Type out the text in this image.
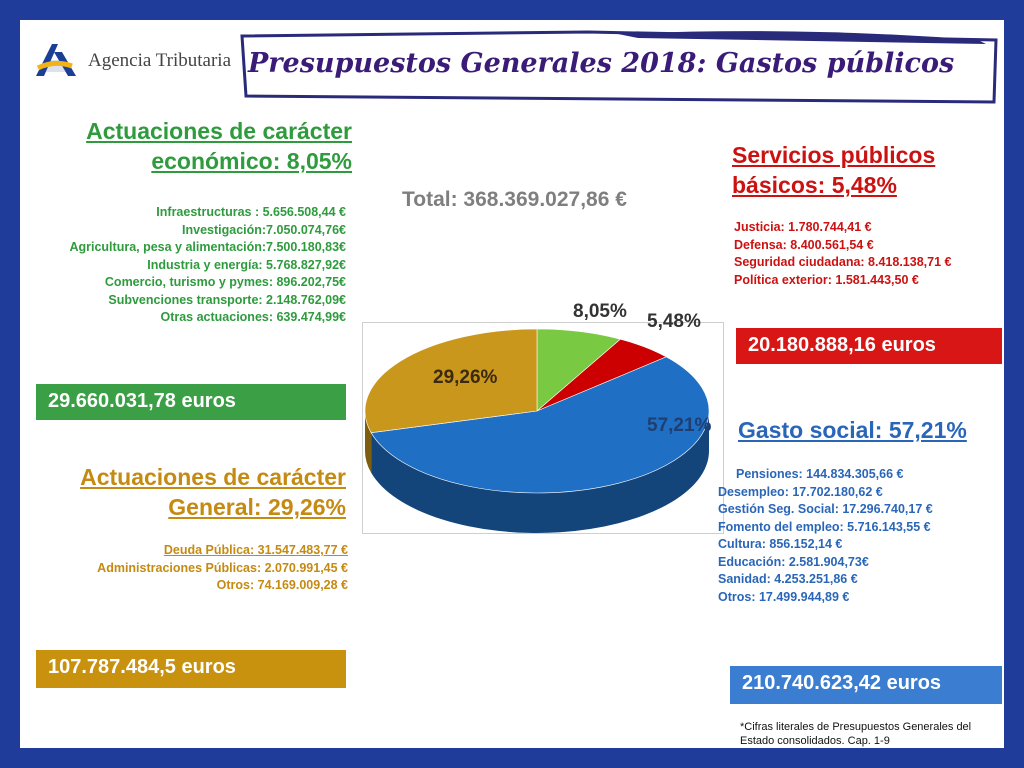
Agencia Tributaria Presupuestos Generales 2018: Gastos públicos
Actuaciones de carácter
económico: 8,05%
Infraestructuras : 5.656.508,44 €
Investigación:7.050.074,76€
Agricultura, pesa y alimentación:7.500.180,83€
Industria y energía: 5.768.827,92€
Comercio, turismo y pymes: 896.202,75€
Subvenciones transporte: 2.148.762,09€
Otras actuaciones: 639.474,99€
29.660.031,78 euros
Actuaciones de carácter
General: 29,26%
Deuda Pública: 31.547.483,77 €
Administraciones Públicas: 2.070.991,45 €
Otros: 74.169.009,28 €
107.787.484,5 euros
Total: 368.369.027,86 €
8,05% 5,48%
57,21%
29,26%
Servicios públicos
básicos: 5,48%
Justicia: 1.780.744,41 €
Defensa: 8.400.561,54 €
Seguridad ciudadana: 8.418.138,71 €
Política exterior: 1.581.443,50 €
20.180.888,16 euros
Gasto social: 57,21%
Pensiones: 144.834.305,66 €
Desempleo: 17.702.180,62 €
Gestión Seg. Social: 17.296.740,17 €
Fomento del empleo: 5.716.143,55 €
Cultura: 856.152,14 €
Educación: 2.581.904,73€
Sanidad: 4.253.251,86 €
Otros: 17.499.944,89 €
210.740.623,42 euros
*Cifras literales de Presupuestos Generales del Estado consolidados. Cap. 1-9
